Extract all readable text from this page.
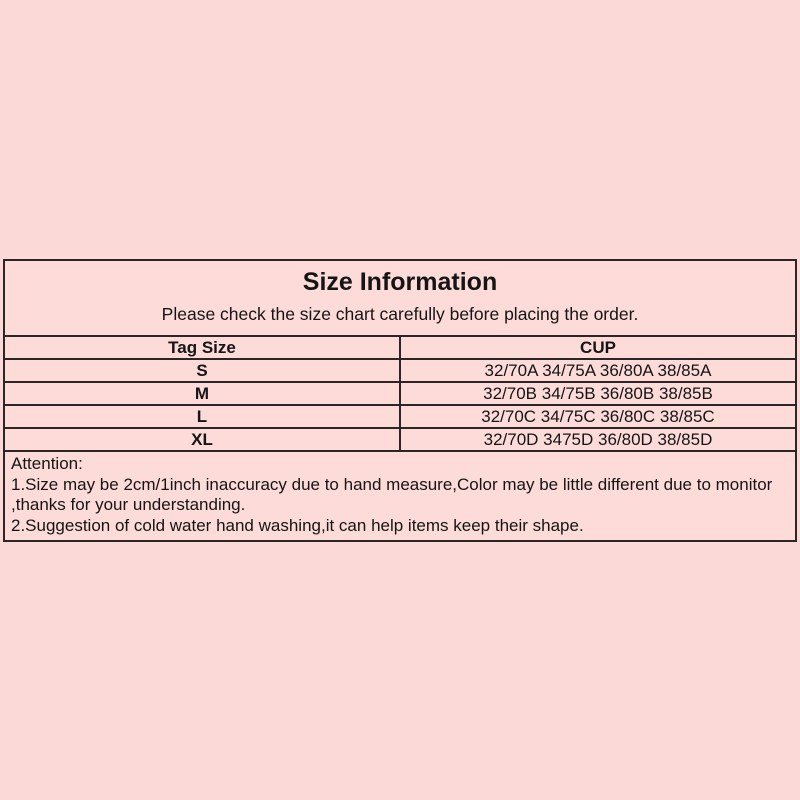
Size Information
Please check the size chart carefully before placing the order.	

Tag Size	CUP
S	32/70A 34/75A 36/80A 38/85A
M	32/70B 34/75B 36/80B 38/85B
L	32/70C 34/75C 36/80C 38/85C
XL	32/70D 3475D 36/80D 38/85D

Attention:
1.Size may be 2cm/1inch inaccuracy due to hand measure,Color may be little different due to monitor
,thanks for your understanding.
2.Suggestion of cold water hand washing,it can help items keep their shape.	
